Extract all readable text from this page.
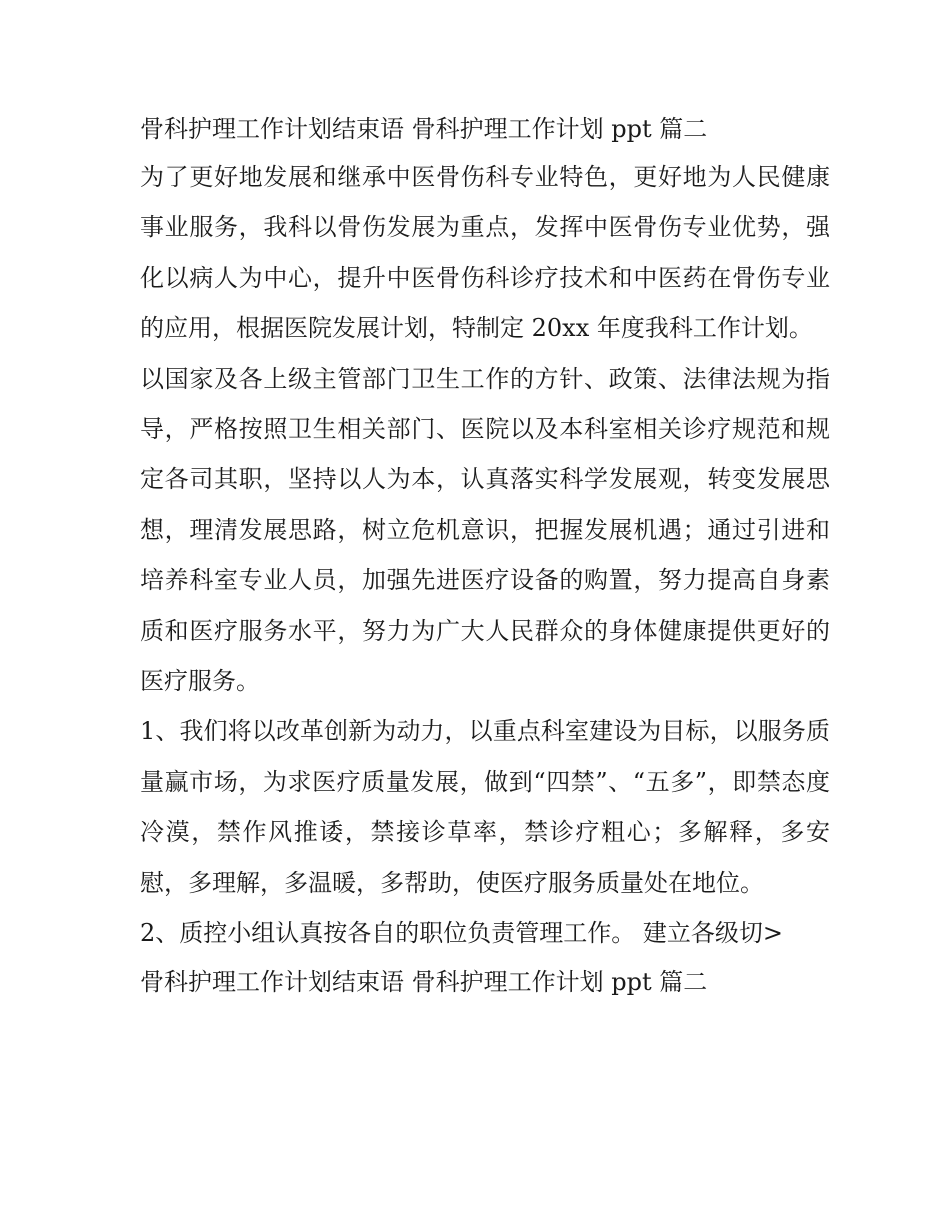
骨科护理工作计划结束语 骨科护理工作计划 ppt 篇二

为了更好地发展和继承中医骨伤科专业特色，更好地为人民健康事业服务，我科以骨伤发展为重点，发挥中医骨伤专业优势，强化以病人为中心，提升中医骨伤科诊疗技术和中医药在骨伤专业的应用，根据医院发展计划，特制定 20xx 年度我科工作计划。

以国家及各上级主管部门卫生工作的方针、政策、法律法规为指导，严格按照卫生相关部门、医院以及本科室相关诊疗规范和规定各司其职，坚持以人为本，认真落实科学发展观，转变发展思想，理清发展思路，树立危机意识，把握发展机遇；通过引进和培养科室专业人员，加强先进医疗设备的购置，努力提高自身素质和医疗服务水平，努力为广大人民群众的身体健康提供更好的医疗服务。

1、我们将以改革创新为动力，以重点科室建设为目标，以服务质量赢市场，为求医疗质量发展，做到“四禁”、“五多”，即禁态度冷漠，禁作风推诿，禁接诊草率，禁诊疗粗心；多解释，多安慰，多理解，多温暖，多帮助，使医疗服务质量处在地位。

2、质控小组认真按各自的职位负责管理工作。 建立各级切>

骨科护理工作计划结束语 骨科护理工作计划 ppt 篇二
